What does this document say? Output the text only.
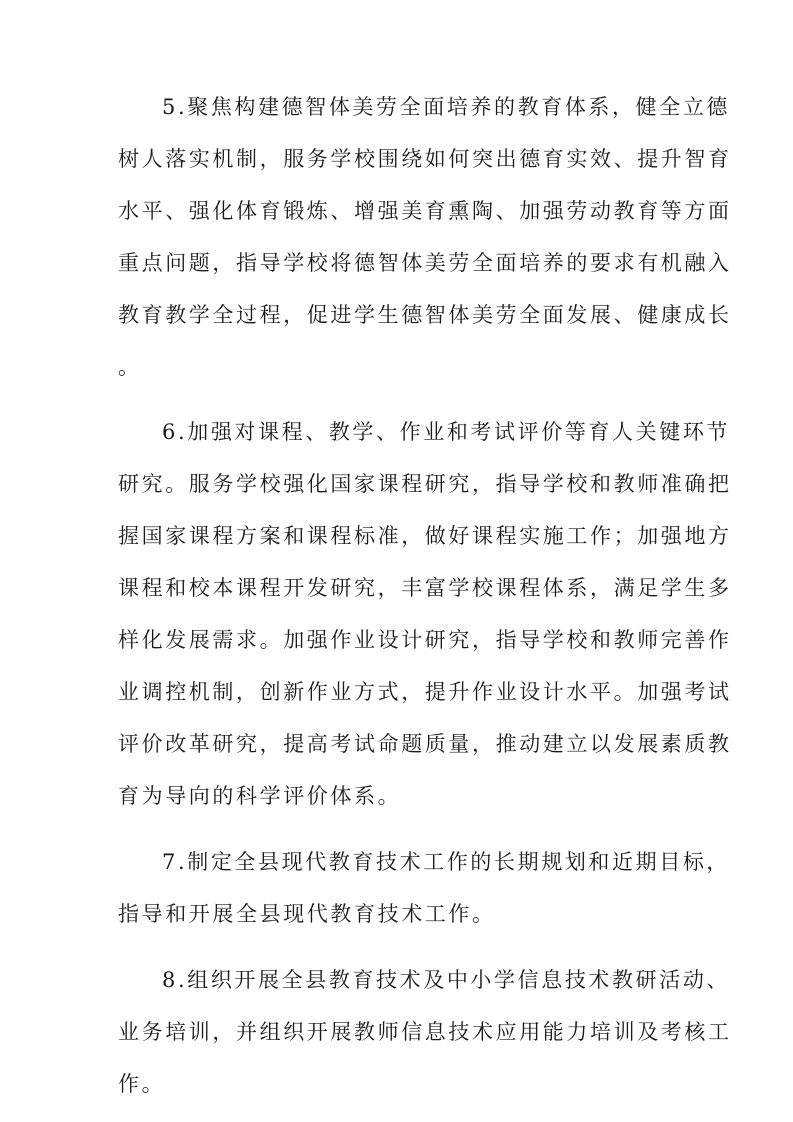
5.聚焦构建德智体美劳全面培养的教育体系，健全立德
树人落实机制，服务学校围绕如何突出德育实效、提升智育
水平、强化体育锻炼、增强美育熏陶、加强劳动教育等方面
重点问题，指导学校将德智体美劳全面培养的要求有机融入
教育教学全过程，促进学生德智体美劳全面发展、健康成长
。
6.加强对课程、教学、作业和考试评价等育人关键环节
研究。服务学校强化国家课程研究，指导学校和教师准确把
握国家课程方案和课程标准，做好课程实施工作；加强地方
课程和校本课程开发研究，丰富学校课程体系，满足学生多
样化发展需求。加强作业设计研究，指导学校和教师完善作
业调控机制，创新作业方式，提升作业设计水平。加强考试
评价改革研究，提高考试命题质量，推动建立以发展素质教
育为导向的科学评价体系。
7.制定全县现代教育技术工作的长期规划和近期目标，
指导和开展全县现代教育技术工作。
8.组织开展全县教育技术及中小学信息技术教研活动、
业务培训，并组织开展教师信息技术应用能力培训及考核工
作。
